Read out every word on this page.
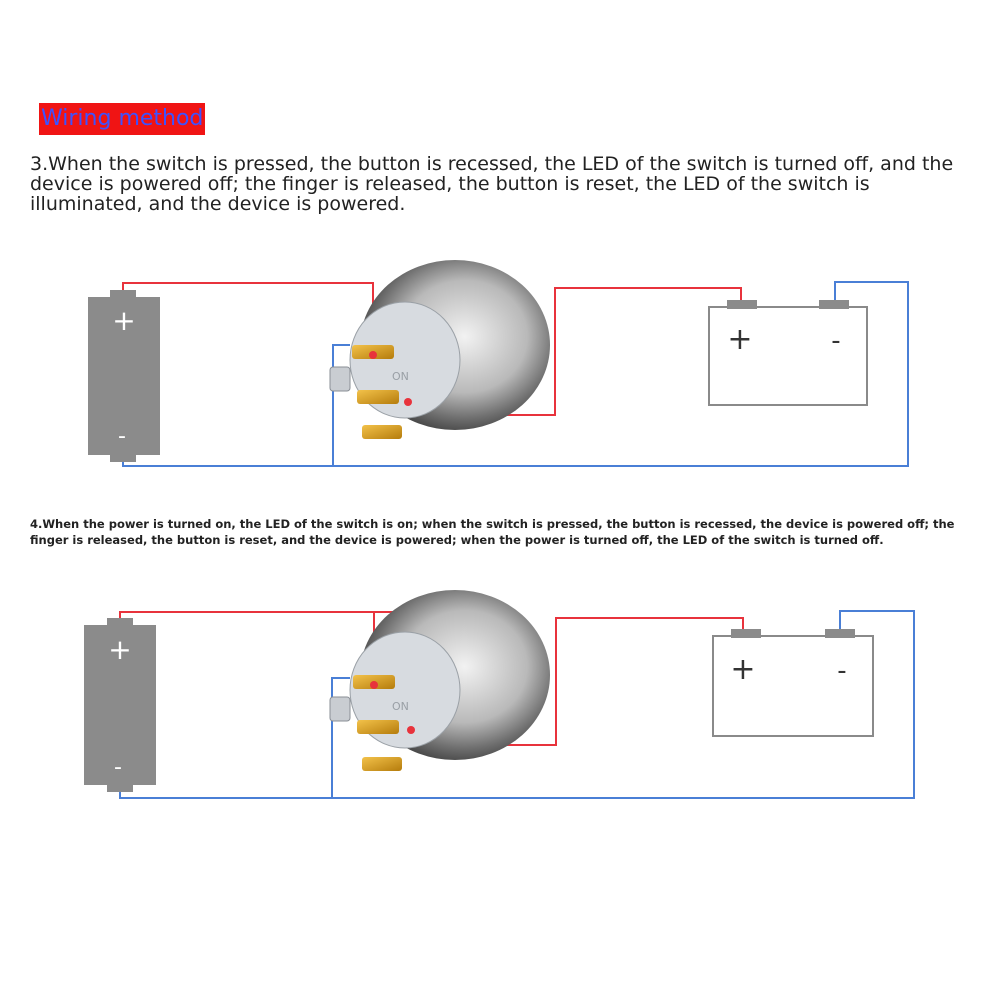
Wiring method
3.When the switch is pressed, the button is recessed, the LED of the switch is turned off, and the device is powered off; the finger is released, the button is reset, the LED of the switch is illuminated, and the device is powered.
+
-
ON
+	-
4.When the power is turned on, the LED of the switch is on; when the switch is pressed, the button is recessed, the device is powered off; the finger is released, the button is reset, and the device is powered; when the power is turned off, the LED of the switch is turned off.
+
-
ON
+	-
